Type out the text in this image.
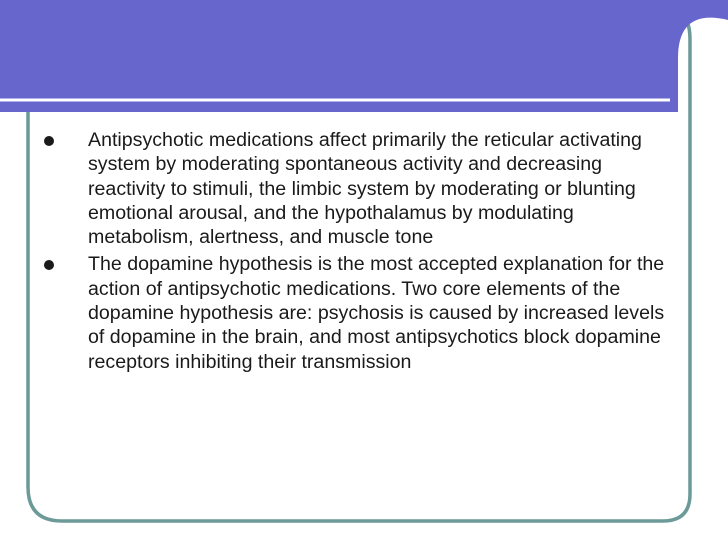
Antipsychotic medications affect primarily the reticular activating system by moderating spontaneous activity and decreasing reactivity to stimuli, the limbic system by moderating or blunting emotional arousal, and the hypothalamus by modulating metabolism, alertness, and muscle tone
The dopamine hypothesis is the most accepted explanation for the action of antipsychotic medications. Two core elements of the dopamine hypothesis are: psychosis is caused by increased levels of dopamine in the brain, and most antipsychotics block dopamine receptors inhibiting their transmission
